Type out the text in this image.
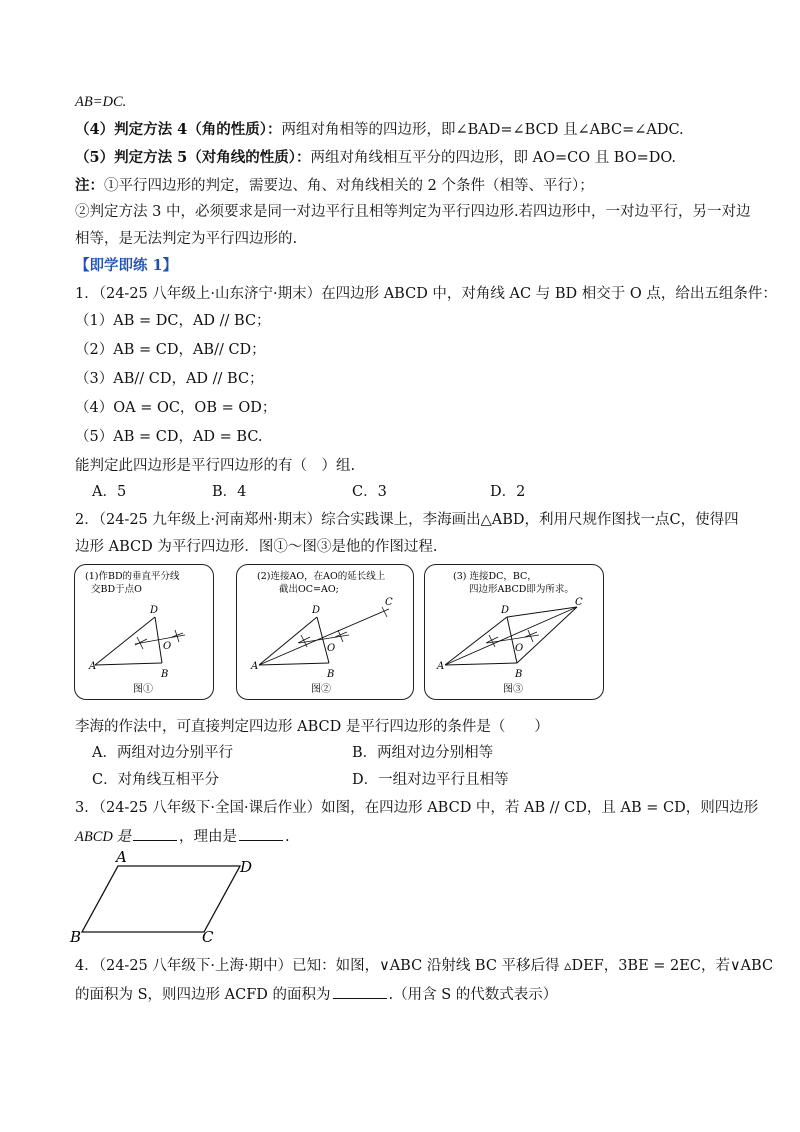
AB=DC.
（4）判定方法 4（角的性质）：两组对角相等的四边形，即∠BAD=∠BCD 且∠ABC=∠ADC.
（5）判定方法 5（对角线的性质）：两组对角线相互平分的四边形，即 AO=CO 且 BO=DO.
注：①平行四边形的判定，需要边、角、对角线相关的 2 个条件（相等、平行）；
②判定方法 3 中，必须要求是同一对边平行且相等判定为平行四边形.若四边形中，一对边平行，另一对边
相等，是无法判定为平行四边形的.
【即学即练 1】
1．（24-25 八年级上·山东济宁·期末）在四边形 ABCD 中，对角线 AC 与 BD 相交于 O 点，给出五组条件：
（1）AB = DC，AD // BC；
（2）AB = CD，AB// CD；
（3）AB// CD，AD // BC；
（4）OA = OC，OB = OD；
（5）AB = CD，AD = BC.
能判定此四边形是平行四边形的有（　）组.
A．5	B．4	C．3	D．2
2．（24-25 九年级上·河南郑州·期末）综合实践课上，李海画出△ABD，利用尺规作图找一点C，使得四
边形 ABCD 为平行四边形．图①～图③是他的作图过程.
(1)作BD的垂直平分线
交BD于点O
A
B
D
O
图①
(2)连接AO，在AO的延长线上
截出OC=AO;
A
B
D
O
C
图②
(3) 连接DC，BC，
四边形ABCD即为所求。
A
B
D
O
C
图③
李海的作法中，可直接判定四边形 ABCD 是平行四边形的条件是（　　）
A．两组对边分别平行	B．两组对边分别相等
C．对角线互相平分	D．一组对边平行且相等
3．（24-25 八年级下·全国·课后作业）如图，在四边形 ABCD 中，若 AB // CD，且 AB = CD，则四边形
ABCD 是	，理由是	.
A
D
B	C
4．（24-25 八年级下·上海·期中）已知：如图，∨ABC 沿射线 BC 平移后得 ▵DEF，3BE = 2EC，若∨ABC
的面积为 S，则四边形 ACFD 的面积为	.（用含 S 的代数式表示）
